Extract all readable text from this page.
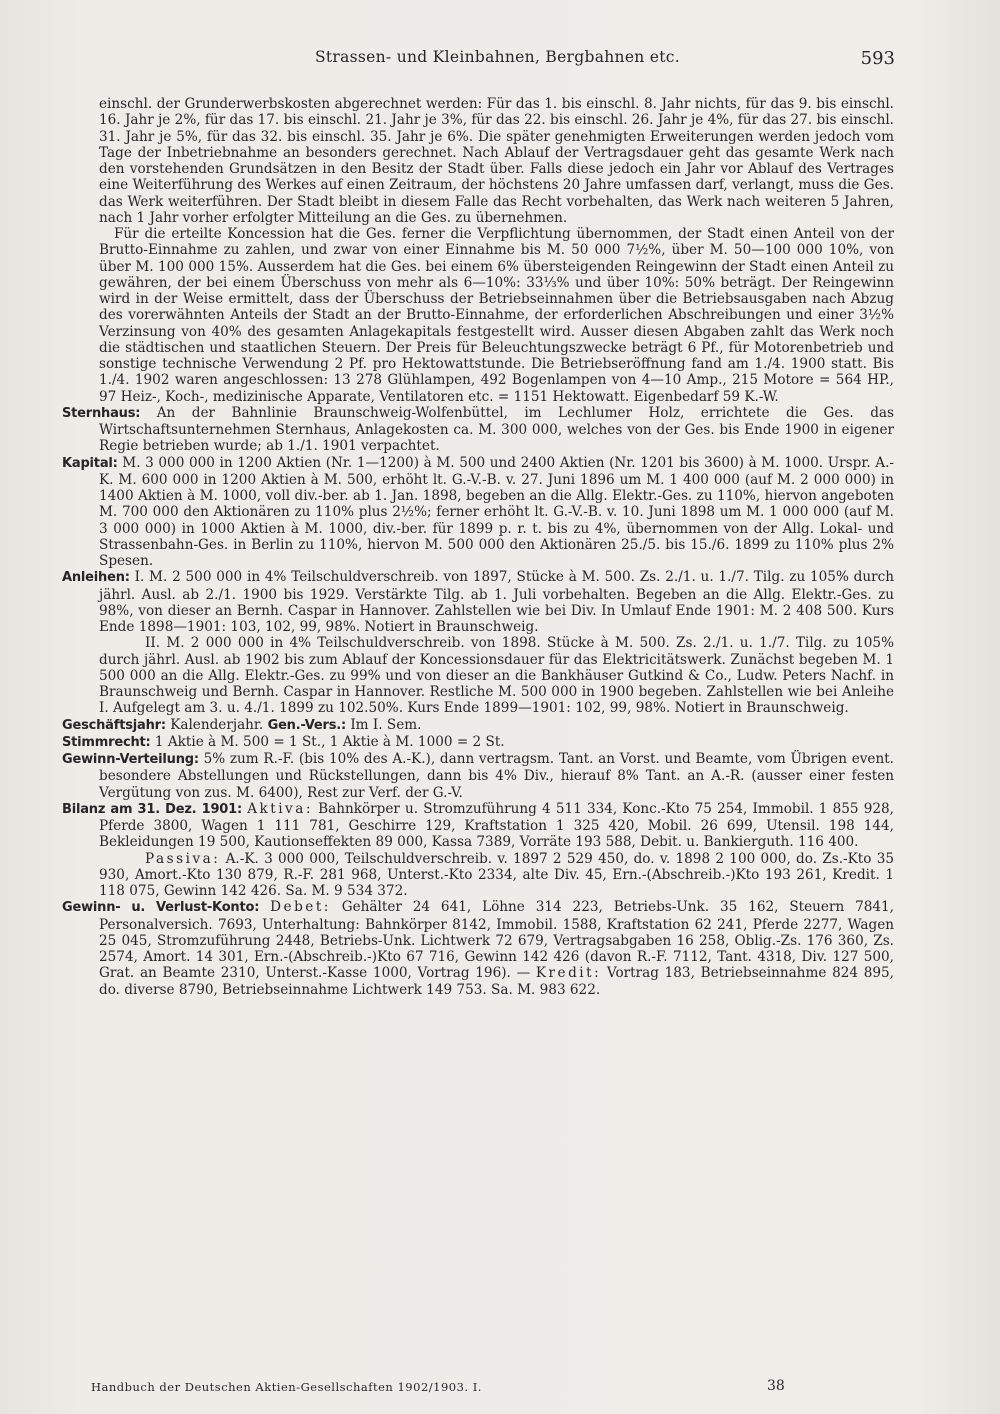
Strassen- und Kleinbahnen, Bergbahnen etc.	593

einschl. der Grunderwerbskosten abgerechnet werden: Für das 1. bis einschl. 8. Jahr nichts, für das 9. bis einschl. 16. Jahr je 2%, für das 17. bis einschl. 21. Jahr je 3%, für das 22. bis einschl. 26. Jahr je 4%, für das 27. bis einschl. 31. Jahr je 5%, für das 32. bis einschl. 35. Jahr je 6%. Die später genehmigten Erweiterungen werden jedoch vom Tage der Inbetriebnahme an besonders gerechnet. Nach Ablauf der Vertragsdauer geht das gesamte Werk nach den vorstehenden Grundsätzen in den Besitz der Stadt über. Falls diese jedoch ein Jahr vor Ablauf des Vertrages eine Weiterführung des Werkes auf einen Zeitraum, der höchstens 20 Jahre umfassen darf, verlangt, muss die Ges. das Werk weiterführen. Der Stadt bleibt in diesem Falle das Recht vorbehalten, das Werk nach weiteren 5 Jahren, nach 1 Jahr vorher erfolgter Mitteilung an die Ges. zu übernehmen.

Für die erteilte Koncession hat die Ges. ferner die Verpflichtung übernommen, der Stadt einen Anteil von der Brutto-Einnahme zu zahlen, und zwar von einer Einnahme bis M. 50 000 7½%, über M. 50—100 000 10%, von über M. 100 000 15%. Ausserdem hat die Ges. bei einem 6% übersteigenden Reingewinn der Stadt einen Anteil zu gewähren, der bei einem Überschuss von mehr als 6—10%: 33⅓% und über 10%: 50% beträgt. Der Reingewinn wird in der Weise ermittelt, dass der Überschuss der Betriebseinnahmen über die Betriebsausgaben nach Abzug des vorerwähnten Anteils der Stadt an der Brutto-Einnahme, der erforderlichen Abschreibungen und einer 3½% Verzinsung von 40% des gesamten Anlagekapitals festgestellt wird. Ausser diesen Abgaben zahlt das Werk noch die städtischen und staatlichen Steuern. Der Preis für Beleuchtungszwecke beträgt 6 Pf., für Motorenbetrieb und sonstige technische Verwendung 2 Pf. pro Hektowattstunde. Die Betriebseröffnung fand am 1./4. 1900 statt. Bis 1./4. 1902 waren angeschlossen: 13 278 Glühlampen, 492 Bogenlampen von 4—10 Amp., 215 Motore = 564 HP., 97 Heiz-, Koch-, medizinische Apparate, Ventilatoren etc. = 1151 Hektowatt. Eigenbedarf 59 K.-W.

Sternhaus: An der Bahnlinie Braunschweig-Wolfenbüttel, im Lechlumer Holz, errichtete die Ges. das Wirtschaftsunternehmen Sternhaus, Anlagekosten ca. M. 300 000, welches von der Ges. bis Ende 1900 in eigener Regie betrieben wurde; ab 1./1. 1901 verpachtet.

Kapital: M. 3 000 000 in 1200 Aktien (Nr. 1—1200) à M. 500 und 2400 Aktien (Nr. 1201 bis 3600) à M. 1000. Urspr. A.-K. M. 600 000 in 1200 Aktien à M. 500, erhöht lt. G.-V.-B. v. 27. Juni 1896 um M. 1 400 000 (auf M. 2 000 000) in 1400 Aktien à M. 1000, voll div.-ber. ab 1. Jan. 1898, begeben an die Allg. Elektr.-Ges. zu 110%, hiervon angeboten M. 700 000 den Aktionären zu 110% plus 2½%; ferner erhöht lt. G.-V.-B. v. 10. Juni 1898 um M. 1 000 000 (auf M. 3 000 000) in 1000 Aktien à M. 1000, div.-ber. für 1899 p. r. t. bis zu 4%, übernommen von der Allg. Lokal- und Strassenbahn-Ges. in Berlin zu 110%, hiervon M. 500 000 den Aktionären 25./5. bis 15./6. 1899 zu 110% plus 2% Spesen.

Anleihen: I. M. 2 500 000 in 4% Teilschuldverschreib. von 1897, Stücke à M. 500. Zs. 2./1. u. 1./7. Tilg. zu 105% durch jährl. Ausl. ab 2./1. 1900 bis 1929. Verstärkte Tilg. ab 1. Juli vorbehalten. Begeben an die Allg. Elektr.-Ges. zu 98%, von dieser an Bernh. Caspar in Hannover. Zahlstellen wie bei Div. In Umlauf Ende 1901: M. 2 408 500. Kurs Ende 1898—1901: 103, 102, 99, 98%. Notiert in Braunschweig.

II. M. 2 000 000 in 4% Teilschuldverschreib. von 1898. Stücke à M. 500. Zs. 2./1. u. 1./7. Tilg. zu 105% durch jährl. Ausl. ab 1902 bis zum Ablauf der Koncessionsdauer für das Elektricitätswerk. Zunächst begeben M. 1 500 000 an die Allg. Elektr.-Ges. zu 99% und von dieser an die Bankhäuser Gutkind & Co., Ludw. Peters Nachf. in Braunschweig und Bernh. Caspar in Hannover. Restliche M. 500 000 in 1900 begeben. Zahlstellen wie bei Anleihe I. Aufgelegt am 3. u. 4./1. 1899 zu 102.50%. Kurs Ende 1899—1901: 102, 99, 98%. Notiert in Braunschweig.

Geschäftsjahr: Kalenderjahr. Gen.-Vers.: Im I. Sem.

Stimmrecht: 1 Aktie à M. 500 = 1 St., 1 Aktie à M. 1000 = 2 St.

Gewinn-Verteilung: 5% zum R.-F. (bis 10% des A.-K.), dann vertragsm. Tant. an Vorst. und Beamte, vom Übrigen event. besondere Abstellungen und Rückstellungen, dann bis 4% Div., hierauf 8% Tant. an A.-R. (ausser einer festen Vergütung von zus. M. 6400), Rest zur Verf. der G.-V.

Bilanz am 31. Dez. 1901: Aktiva: Bahnkörper u. Stromzuführung 4 511 334, Konc.-Kto 75 254, Immobil. 1 855 928, Pferde 3800, Wagen 1 111 781, Geschirre 129, Kraftstation 1 325 420, Mobil. 26 699, Utensil. 198 144, Bekleidungen 19 500, Kautionseffekten 89 000, Kassa 7389, Vorräte 193 588, Debit. u. Bankierguth. 116 400.

Passiva: A.-K. 3 000 000, Teilschuldverschreib. v. 1897 2 529 450, do. v. 1898 2 100 000, do. Zs.-Kto 35 930, Amort.-Kto 130 879, R.-F. 281 968, Unterst.-Kto 2334, alte Div. 45, Ern.-(Abschreib.-)Kto 193 261, Kredit. 1 118 075, Gewinn 142 426. Sa. M. 9 534 372.

Gewinn- u. Verlust-Konto: Debet: Gehälter 24 641, Löhne 314 223, Betriebs-Unk. 35 162, Steuern 7841, Personalversich. 7693, Unterhaltung: Bahnkörper 8142, Immobil. 1588, Kraftstation 62 241, Pferde 2277, Wagen 25 045, Stromzuführung 2448, Betriebs-Unk. Lichtwerk 72 679, Vertragsabgaben 16 258, Oblig.-Zs. 176 360, Zs. 2574, Amort. 14 301, Ern.-(Abschreib.-)Kto 67 716, Gewinn 142 426 (davon R.-F. 7112, Tant. 4318, Div. 127 500, Grat. an Beamte 2310, Unterst.-Kasse 1000, Vortrag 196). — Kredit: Vortrag 183, Betriebseinnahme 824 895, do. diverse 8790, Betriebseinnahme Lichtwerk 149 753. Sa. M. 983 622.

Handbuch der Deutschen Aktien-Gesellschaften 1902/1903. I.	38
